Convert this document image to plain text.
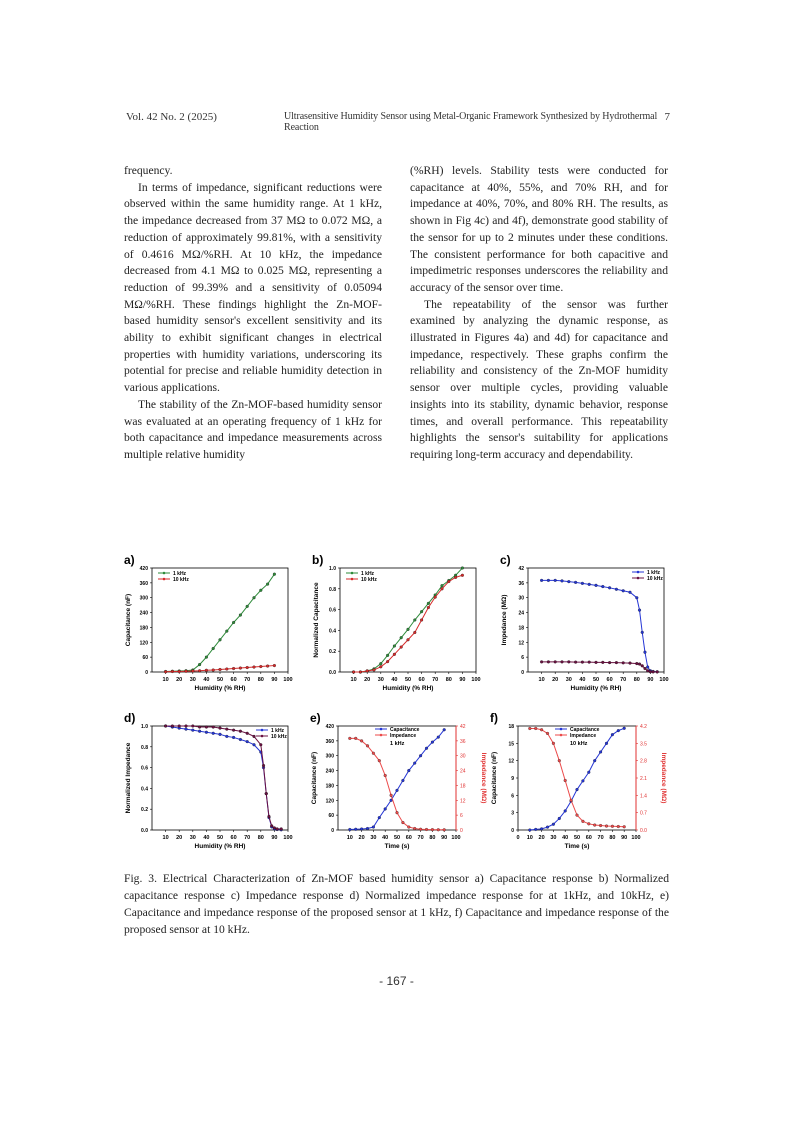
Vol. 42 No. 2 (2025)	Ultrasensitive Humidity Sensor using Metal-Organic Framework Synthesized by Hydrothermal Reaction
7

frequency.

In terms of impedance, significant reductions were observed within the same humidity range. At 1 kHz, the impedance decreased from 37 MΩ to 0.072 MΩ, a reduction of approximately 99.81%, with a sensitivity of 0.4616 MΩ/%RH. At 10 kHz, the impedance decreased from 4.1 MΩ to 0.025 MΩ, representing a reduction of 99.39% and a sensitivity of 0.05094 MΩ/%RH. These findings highlight the Zn-MOF-based humidity sensor's excellent sensitivity and its ability to exhibit significant changes in electrical properties with humidity variations, underscoring its potential for precise and reliable humidity detection in various applications.

The stability of the Zn-MOF-based humidity sensor was evaluated at an operating frequency of 1 kHz for both capacitance and impedance measurements across multiple relative humidity

(%RH) levels. Stability tests were conducted for capacitance at 40%, 55%, and 70% RH, and for impedance at 40%, 70%, and 80% RH. The results, as shown in Fig 4c) and 4f), demonstrate good stability of the sensor for up to 2 minutes under these conditions. The consistent performance for both capacitive and impedimetric responses underscores the reliability and accuracy of the sensor over time.

The repeatability of the sensor was further examined by analyzing the dynamic response, as illustrated in Figures 4a) and 4d) for capacitance and impedance, respectively. These graphs confirm the reliability and consistency of the Zn-MOF humidity sensor over multiple cycles, providing valuable insights into its stability, dynamic behavior, response times, and overall performance. This repeatability highlights the sensor's suitability for applications requiring long-term accuracy and dependability.

a)
10 20 30 40 50 60 70 80 90 100
0
60
120
180
240
300
360
420
Humidity (% RH)
Capacitance (nF)
1 kHz
10 kHz
b)
10 20 30 40 50 60 70 80 90 100
0.0
0.2
0.4
0.6
0.8
1.0
Humidity (% RH)
Normalized Capacitance
1 kHz
10 kHz
c)
10 20 30 40 50 60 70 80 90 100
0
6
12
18
24
30
36
42
Humidity (% RH)
Impedance (MΩ)
1 kHz
10 kHz
d)
10 20 30 40 50 60 70 80 90 100
0.0
0.2
0.4
0.6
0.8
1.0
Humidity (% RH)
Normalized Impedance
1 kHz
10 kHz
e)
10 20 30 40 50 60 70 80 90 100
0
60
120
180
240
300
360
420
0
6
12
18
24
30
36
42
Impedance (MΩ)
Time (s)
Capacitance (nF)
Capacitance
Impedance
1 kHz
f)
0 10 20 30 40 50 60 70 80 90 100
0
3
6
9
12
15
18
0.0
0.7
1.4
2.1
2.8
3.5
4.2
Impedance (MΩ)
Time (s)
Capacitance (nF)
Capacitance
Impedance
10 kHz
Fig. 3. Electrical Characterization of Zn-MOF based humidity sensor a) Capacitance response b) Normalized capacitance response c) Impedance response d) Normalized impedance response for at 1kHz, and 10kHz, e) Capacitance and impedance response of the proposed sensor at 1 kHz, f) Capacitance and impedance response of the proposed sensor at 10 kHz.
- 167 -
